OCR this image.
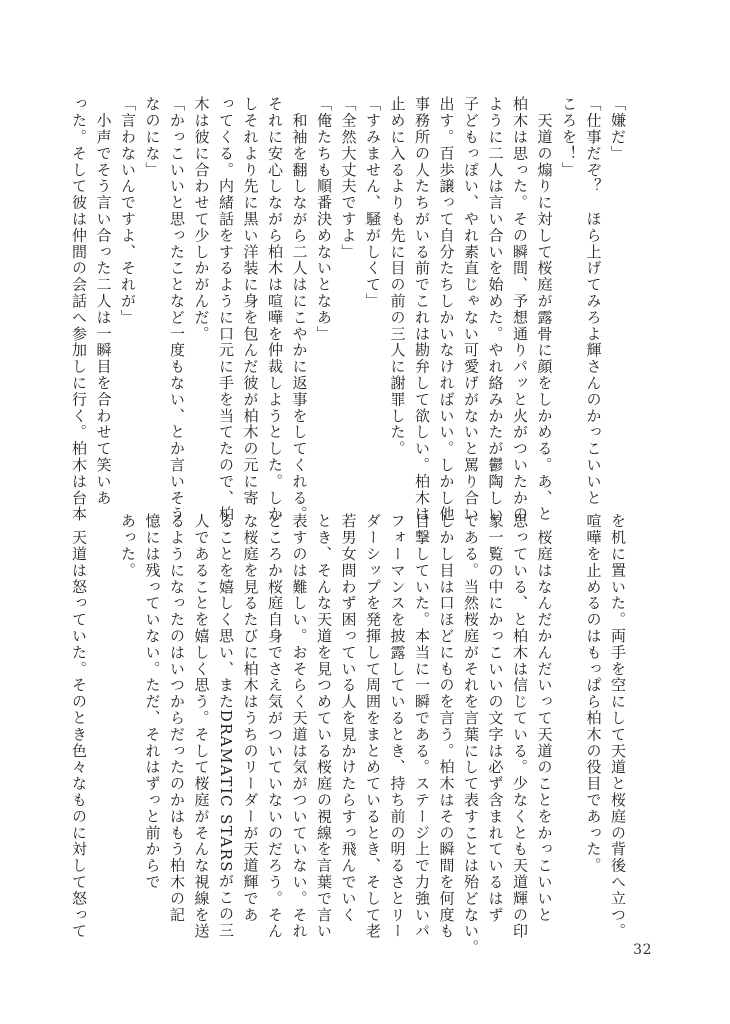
「嫌だ」
「仕事だぞ？　ほら上げてみろよ輝さんのかっこいいと
ころを！」
　天道の煽りに対して桜庭が露骨に顔をしかめる。あ、と
柏木は思った。その瞬間、予想通りパッと火がついたかの
ように二人は言い合いを始めた。やれ絡みかたが鬱陶しい
子どもっぽい、やれ素直じゃない可愛げがないと罵り合い
出す。百歩譲って自分たちしかいなければいい。しかし他
事務所の人たちがいる前でこれは勘弁して欲しい。柏木は
止めに入るよりも先に目の前の三人に謝罪した。
「すみません、騒がしくて」
「全然大丈夫ですよ」
「俺たちも順番決めないとなあ」
　和袖を翻しながら二人はにこやかに返事をしてくれる。
それに安心しながら柏木は喧嘩を仲裁しようとした。しか
しそれより先に黒い洋装に身を包んだ彼が柏木の元に寄
ってくる。内緒話をするように口元に手を当てたので、柏
木は彼に合わせて少しかがんだ。
「かっこいいと思ったことなど一度もない、とか言いそう
なのにな」
「言わないんですよ、それが」
　小声でそう言い合った二人は一瞬目を合わせて笑いあ
った。そして彼は仲間の会話へ参加しに行く。柏木は台本
を机に置いた。両手を空にして天道と桜庭の背後へ立つ。
喧嘩を止めるのはもっぱら柏木の役目であった。

　桜庭はなんだかんだいって天道のことをかっこいいと
思っている、と柏木は信じている。少なくとも天道輝の印
象一覧の中にかっこいいの文字は必ず含まれているはず
である。当然桜庭がそれを言葉にして表すことは殆どない。
しかし目は口ほどにものを言う。柏木はその瞬間を何度も
目撃していた。本当に一瞬である。ステージ上で力強いパ
フォーマンスを披露しているとき、持ち前の明るさとリー
ダーシップを発揮して周囲をまとめているとき、そして老
若男女問わず困っている人を見かけたらすっ飛んでいく
とき、そんな天道を見つめている桜庭の視線を言葉で言い
表すのは難しい。おそらく天道は気がついていない。それ
どころか桜庭自身でさえ気がついていないのだろう。そん
な桜庭を見るたびに柏木はうちのリーダーが天道輝であ
ることを嬉しく思い、またDRAMATIC STARSがこの三
人であることを嬉しく思う。そして桜庭がそんな視線を送
るようになったのはいつからだったのかはもう柏木の記
憶には残っていない。ただ、それはずっと前からで
あった。

　天道は怒っていた。そのとき色々なものに対して怒って
32
